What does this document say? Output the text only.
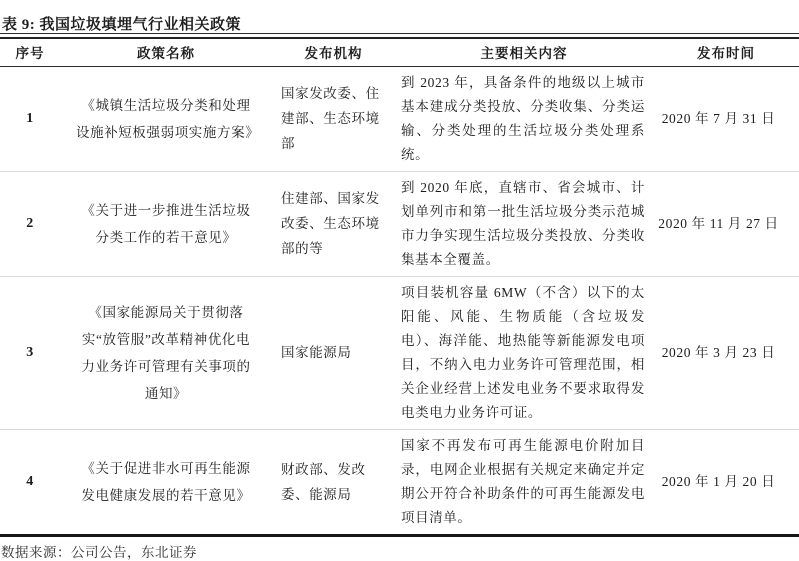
表 9: 我国垃圾填埋气行业相关政策
序号	政策名称	发布机构	主要相关内容	发布时间
1	《城镇生活垃圾分类和处理设施补短板强弱项实施方案》	国家发改委、住建部、生态环境部	到 2023 年，具备条件的地级以上城市基本建成分类投放、分类收集、分类运输、分类处理的生活垃圾分类处理系统。	2020 年 7 月 31 日
2	《关于进一步推进生活垃圾分类工作的若干意见》	住建部、国家发改委、生态环境部的等	到 2020 年底，直辖市、省会城市、计划单列市和第一批生活垃圾分类示范城市力争实现生活垃圾分类投放、分类收集基本全覆盖。	2020 年 11 月 27 日
3	《国家能源局关于贯彻落实“放管服”改革精神优化电力业务许可管理有关事项的通知》	国家能源局	项目装机容量 6MW（不含）以下的太阳能、风能、生物质能（含垃圾发电）、海洋能、地热能等新能源发电项目，不纳入电力业务许可管理范围，相关企业经营上述发电业务不要求取得发电类电力业务许可证。	2020 年 3 月 23 日
4	《关于促进非水可再生能源发电健康发展的若干意见》	财政部、发改委、能源局	国家不再发布可再生能源电价附加目录，电网企业根据有关规定来确定并定期公开符合补助条件的可再生能源发电项目清单。	2020 年 1 月 20 日
数据来源：公司公告，东北证券
